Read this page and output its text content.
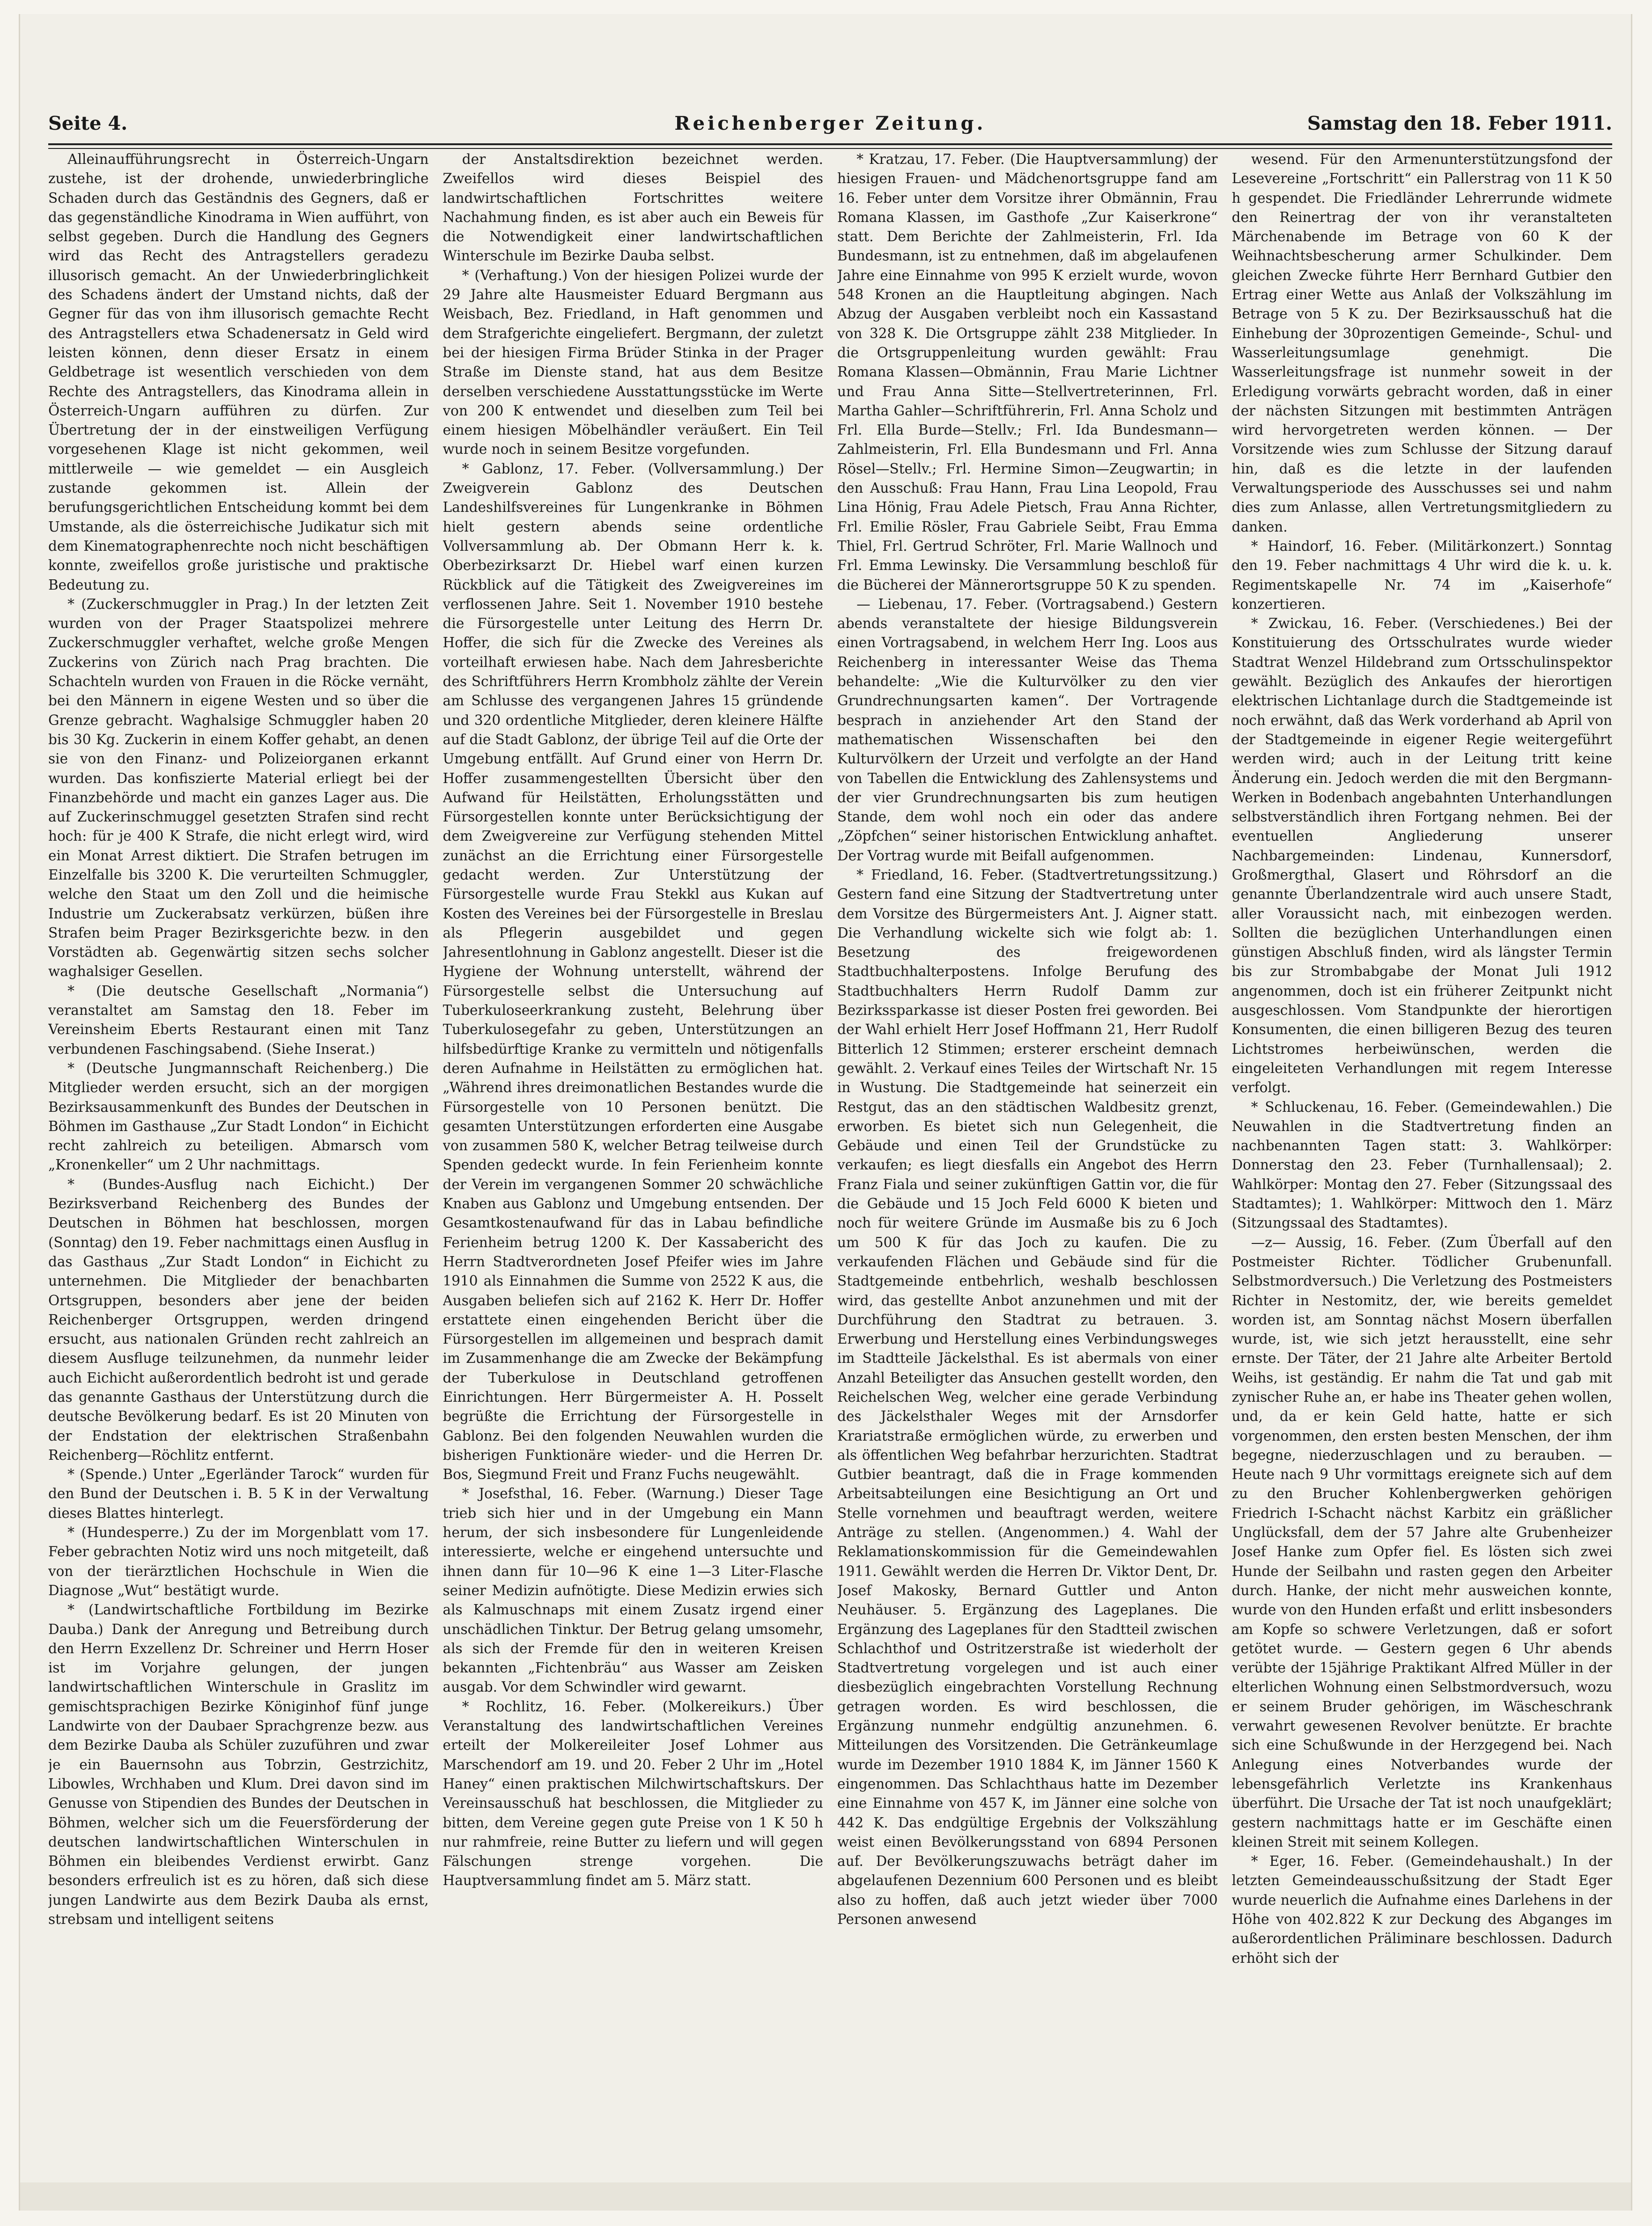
Seite 4.	Reichenberger Zeitung.	Samstag den 18. Feber 1911.

Alleinaufführungsrecht in Österreich-Ungarn zustehe, ist der drohende, unwiederbringliche Schaden durch das Geständnis des Gegners, daß er das gegenständliche Kinodrama in Wien aufführt, von selbst gegeben. Durch die Handlung des Gegners wird das Recht des Antragstellers geradezu illusorisch gemacht. An der Unwiederbringlichkeit des Schadens ändert der Umstand nichts, daß der Gegner für das von ihm illusorisch gemachte Recht des Antragstellers etwa Schadenersatz in Geld wird leisten können, denn dieser Ersatz in einem Geldbetrage ist wesentlich verschieden von dem Rechte des Antragstellers, das Kinodrama allein in Österreich-Ungarn aufführen zu dürfen. Zur Übertretung der in der einstweiligen Verfügung vorgesehenen Klage ist nicht gekommen, weil mittlerweile — wie gemeldet — ein Ausgleich zustande gekommen ist. Allein der berufungsgerichtlichen Entscheidung kommt bei dem Umstande, als die österreichische Judikatur sich mit dem Kinematographenrechte noch nicht beschäftigen konnte, zweifellos große juristische und praktische Bedeutung zu.

* (Zuckerschmuggler in Prag.) In der letzten Zeit wurden von der Prager Staatspolizei mehrere Zuckerschmuggler verhaftet, welche große Mengen Zuckerins von Zürich nach Prag brachten. Die Schachteln wurden von Frauen in die Röcke vernäht, bei den Männern in eigene Westen und so über die Grenze gebracht. Waghalsige Schmuggler haben 20 bis 30 Kg. Zuckerin in einem Koffer gehabt, an denen sie von den Finanz- und Polizeiorganen erkannt wurden. Das konfiszierte Material erliegt bei der Finanzbehörde und macht ein ganzes Lager aus. Die auf Zuckerinschmuggel gesetzten Strafen sind recht hoch: für je 400 K Strafe, die nicht erlegt wird, wird ein Monat Arrest diktiert. Die Strafen betrugen im Einzelfalle bis 3200 K. Die verurteilten Schmuggler, welche den Staat um den Zoll und die heimische Industrie um Zuckerabsatz verkürzen, büßen ihre Strafen beim Prager Bezirksgerichte bezw. in den Vorstädten ab. Gegenwärtig sitzen sechs solcher waghalsiger Gesellen.

* (Die deutsche Gesellschaft „Normania“) veranstaltet am Samstag den 18. Feber im Vereinsheim Eberts Restaurant einen mit Tanz verbundenen Faschingsabend. (Siehe Inserat.)

* (Deutsche Jungmannschaft Reichenberg.) Die Mitglieder werden ersucht, sich an der morgigen Bezirksausammenkunft des Bundes der Deutschen in Böhmen im Gasthause „Zur Stadt London“ in Eichicht recht zahlreich zu beteiligen. Abmarsch vom „Kronenkeller“ um 2 Uhr nachmittags.

* (Bundes-Ausflug nach Eichicht.) Der Bezirksverband Reichenberg des Bundes der Deutschen in Böhmen hat beschlossen, morgen (Sonntag) den 19. Feber nachmittags einen Ausflug in das Gasthaus „Zur Stadt London“ in Eichicht zu unternehmen. Die Mitglieder der benachbarten Ortsgruppen, besonders aber jene der beiden Reichenberger Ortsgruppen, werden dringend ersucht, aus nationalen Gründen recht zahlreich an diesem Ausfluge teilzunehmen, da nunmehr leider auch Eichicht außerordentlich bedroht ist und gerade das genannte Gasthaus der Unterstützung durch die deutsche Bevölkerung bedarf. Es ist 20 Minuten von der Endstation der elektrischen Straßenbahn Reichenberg—Röchlitz entfernt.

* (Spende.) Unter „Egerländer Tarock“ wurden für den Bund der Deutschen i. B. 5 K in der Verwaltung dieses Blattes hinterlegt.

* (Hundesperre.) Zu der im Morgenblatt vom 17. Feber gebrachten Notiz wird uns noch mitgeteilt, daß von der tierärztlichen Hochschule in Wien die Diagnose „Wut“ bestätigt wurde.

* (Landwirtschaftliche Fortbildung im Bezirke Dauba.) Dank der Anregung und Betreibung durch den Herrn Exzellenz Dr. Schreiner und Herrn Hoser ist im Vorjahre gelungen, der jungen landwirtschaftlichen Winterschule in Graslitz im gemischtsprachigen Bezirke Königinhof fünf junge Landwirte von der Daubaer Sprachgrenze bezw. aus dem Bezirke Dauba als Schüler zuzuführen und zwar je ein Bauernsohn aus Tobrzin, Gestrzichitz, Libowles, Wrchhaben und Klum. Drei davon sind im Genusse von Stipendien des Bundes der Deutschen in Böhmen, welcher sich um die Feuersförderung der deutschen landwirtschaftlichen Winterschulen in Böhmen ein bleibendes Verdienst erwirbt. Ganz besonders erfreulich ist es zu hören, daß sich diese jungen Landwirte aus dem Bezirk Dauba als ernst, strebsam und intelligent seitens

der Anstaltsdirektion bezeichnet werden. Zweifellos wird dieses Beispiel des landwirtschaftlichen Fortschrittes weitere Nachahmung finden, es ist aber auch ein Beweis für die Notwendigkeit einer landwirtschaftlichen Winterschule im Bezirke Dauba selbst.

* (Verhaftung.) Von der hiesigen Polizei wurde der 29 Jahre alte Hausmeister Eduard Bergmann aus Weisbach, Bez. Friedland, in Haft genommen und dem Strafgerichte eingeliefert. Bergmann, der zuletzt bei der hiesigen Firma Brüder Stinka in der Prager Straße im Dienste stand, hat aus dem Besitze derselben verschiedene Ausstattungsstücke im Werte von 200 K entwendet und dieselben zum Teil bei einem hiesigen Möbelhändler veräußert. Ein Teil wurde noch in seinem Besitze vorgefunden.

* Gablonz, 17. Feber. (Vollversammlung.) Der Zweigverein Gablonz des Deutschen Landeshilfsvereines für Lungenkranke in Böhmen hielt gestern abends seine ordentliche Vollversammlung ab. Der Obmann Herr k. k. Oberbezirksarzt Dr. Hiebel warf einen kurzen Rückblick auf die Tätigkeit des Zweigvereines im verflossenen Jahre. Seit 1. November 1910 bestehe die Fürsorgestelle unter Leitung des Herrn Dr. Hoffer, die sich für die Zwecke des Vereines als vorteilhaft erwiesen habe. Nach dem Jahresberichte des Schriftführers Herrn Krombholz zählte der Verein am Schlusse des vergangenen Jahres 15 gründende und 320 ordentliche Mitglieder, deren kleinere Hälfte auf die Stadt Gablonz, der übrige Teil auf die Orte der Umgebung entfällt. Auf Grund einer von Herrn Dr. Hoffer zusammengestellten Übersicht über den Aufwand für Heilstätten, Erholungsstätten und Fürsorgestellen konnte unter Berücksichtigung der dem Zweigvereine zur Verfügung stehenden Mittel zunächst an die Errichtung einer Fürsorgestelle gedacht werden. Zur Unterstützung der Fürsorgestelle wurde Frau Stekkl aus Kukan auf Kosten des Vereines bei der Fürsorgestelle in Breslau als Pflegerin ausgebildet und gegen Jahresentlohnung in Gablonz angestellt. Dieser ist die Hygiene der Wohnung unterstellt, während der Fürsorgestelle selbst die Untersuchung auf Tuberkuloseerkrankung zusteht, Belehrung über Tuberkulosegefahr zu geben, Unterstützungen an hilfsbedürftige Kranke zu vermitteln und nötigenfalls deren Aufnahme in Heilstätten zu ermöglichen hat. „Während ihres dreimonatlichen Bestandes wurde die Fürsorgestelle von 10 Personen benützt. Die gesamten Unterstützungen erforderten eine Ausgabe von zusammen 580 K, welcher Betrag teilweise durch Spenden gedeckt wurde. In fein Ferienheim konnte der Verein im vergangenen Sommer 20 schwächliche Knaben aus Gablonz und Umgebung entsenden. Der Gesamtkostenaufwand für das in Labau befindliche Ferienheim betrug 1200 K. Der Kassabericht des Herrn Stadtverordneten Josef Pfeifer wies im Jahre 1910 als Einnahmen die Summe von 2522 K aus, die Ausgaben beliefen sich auf 2162 K. Herr Dr. Hoffer erstattete einen eingehenden Bericht über die Fürsorgestellen im allgemeinen und besprach damit im Zusammenhange die am Zwecke der Bekämpfung der Tuberkulose in Deutschland getroffenen Einrichtungen. Herr Bürgermeister A. H. Posselt begrüßte die Errichtung der Fürsorgestelle in Gablonz. Bei den folgenden Neuwahlen wurden die bisherigen Funktionäre wieder- und die Herren Dr. Bos, Siegmund Freit und Franz Fuchs neugewählt.

* Josefsthal, 16. Feber. (Warnung.) Dieser Tage trieb sich hier und in der Umgebung ein Mann herum, der sich insbesondere für Lungenleidende interessierte, welche er eingehend untersuchte und ihnen dann für 10—96 K eine 1—3 Liter-Flasche seiner Medizin aufnötigte. Diese Medizin erwies sich als Kalmuschnaps mit einem Zusatz irgend einer unschädlichen Tinktur. Der Betrug gelang umsomehr, als sich der Fremde für den in weiteren Kreisen bekannten „Fichtenbräu“ aus Wasser am Zeisken ausgab. Vor dem Schwindler wird gewarnt.

* Rochlitz, 16. Feber. (Molkereikurs.) Über Veranstaltung des landwirtschaftlichen Vereines erteilt der Molkereileiter Josef Lohmer aus Marschendorf am 19. und 20. Feber 2 Uhr im „Hotel Haney“ einen praktischen Milchwirtschaftskurs. Der Vereinsausschuß hat beschlossen, die Mitglieder zu bitten, dem Vereine gegen gute Preise von 1 K 50 h nur rahmfreie, reine Butter zu liefern und will gegen Fälschungen strenge vorgehen. Die Hauptversammlung findet am 5. März statt.

* Kratzau, 17. Feber. (Die Hauptversammlung) der hiesigen Frauen- und Mädchenortsgruppe fand am 16. Feber unter dem Vorsitze ihrer Obmännin, Frau Romana Klassen, im Gasthofe „Zur Kaiserkrone“ statt. Dem Berichte der Zahlmeisterin, Frl. Ida Bundesmann, ist zu entnehmen, daß im abgelaufenen Jahre eine Einnahme von 995 K erzielt wurde, wovon 548 Kronen an die Hauptleitung abgingen. Nach Abzug der Ausgaben verbleibt noch ein Kassastand von 328 K. Die Ortsgruppe zählt 238 Mitglieder. In die Ortsgruppenleitung wurden gewählt: Frau Romana Klassen—Obmännin, Frau Marie Lichtner und Frau Anna Sitte—Stellvertreterinnen, Frl. Martha Gahler—Schriftführerin, Frl. Anna Scholz und Frl. Ella Burde—Stellv.; Frl. Ida Bundesmann—Zahlmeisterin, Frl. Ella Bundesmann und Frl. Anna Rösel—Stellv.; Frl. Hermine Simon—Zeugwartin; in den Ausschuß: Frau Hann, Frau Lina Leopold, Frau Lina Hönig, Frau Adele Pietsch, Frau Anna Richter, Frl. Emilie Rösler, Frau Gabriele Seibt, Frau Emma Thiel, Frl. Gertrud Schröter, Frl. Marie Wallnoch und Frl. Emma Lewinsky. Die Versammlung beschloß für die Bücherei der Männerortsgruppe 50 K zu spenden.

— Liebenau, 17. Feber. (Vortragsabend.) Gestern abends veranstaltete der hiesige Bildungsverein einen Vortragsabend, in welchem Herr Ing. Loos aus Reichenberg in interessanter Weise das Thema behandelte: „Wie die Kulturvölker zu den vier Grundrechnungsarten kamen“. Der Vortragende besprach in anziehender Art den Stand der mathematischen Wissenschaften bei den Kulturvölkern der Urzeit und verfolgte an der Hand von Tabellen die Entwicklung des Zahlensystems und der vier Grundrechnungsarten bis zum heutigen Stande, dem wohl noch ein oder das andere „Zöpfchen“ seiner historischen Entwicklung anhaftet. Der Vortrag wurde mit Beifall aufgenommen.

* Friedland, 16. Feber. (Stadtvertretungssitzung.) Gestern fand eine Sitzung der Stadtvertretung unter dem Vorsitze des Bürgermeisters Ant. J. Aigner statt. Die Verhandlung wickelte sich wie folgt ab: 1. Besetzung des freigewordenen Stadtbuchhalterpostens. Infolge Berufung des Stadtbuchhalters Herrn Rudolf Damm zur Bezirkssparkasse ist dieser Posten frei geworden. Bei der Wahl erhielt Herr Josef Hoffmann 21, Herr Rudolf Bitterlich 12 Stimmen; ersterer erscheint demnach gewählt. 2. Verkauf eines Teiles der Wirtschaft Nr. 15 in Wustung. Die Stadtgemeinde hat seinerzeit ein Restgut, das an den städtischen Waldbesitz grenzt, erworben. Es bietet sich nun Gelegenheit, die Gebäude und einen Teil der Grundstücke zu verkaufen; es liegt diesfalls ein Angebot des Herrn Franz Fiala und seiner zukünftigen Gattin vor, die für die Gebäude und 15 Joch Feld 6000 K bieten und noch für weitere Gründe im Ausmaße bis zu 6 Joch um 500 K für das Joch zu kaufen. Die zu verkaufenden Flächen und Gebäude sind für die Stadtgemeinde entbehrlich, weshalb beschlossen wird, das gestellte Anbot anzunehmen und mit der Durchführung den Stadtrat zu betrauen. 3. Erwerbung und Herstellung eines Verbindungsweges im Stadtteile Jäckelsthal. Es ist abermals von einer Anzahl Beteiligter das Ansuchen gestellt worden, den Reichelschen Weg, welcher eine gerade Verbindung des Jäckelsthaler Weges mit der Arnsdorfer Krariatstraße ermöglichen würde, zu erwerben und als öffentlichen Weg befahrbar herzurichten. Stadtrat Gutbier beantragt, daß die in Frage kommenden Arbeitsabteilungen eine Besichtigung an Ort und Stelle vornehmen und beauftragt werden, weitere Anträge zu stellen. (Angenommen.) 4. Wahl der Reklamationskommission für die Gemeindewahlen 1911. Gewählt werden die Herren Dr. Viktor Dent, Dr. Josef Makosky, Bernard Guttler und Anton Neuhäuser. 5. Ergänzung des Lageplanes. Die Ergänzung des Lageplanes für den Stadtteil zwischen Schlachthof und Ostritzerstraße ist wiederholt der Stadtvertretung vorgelegen und ist auch einer diesbezüglich eingebrachten Vorstellung Rechnung getragen worden. Es wird beschlossen, die Ergänzung nunmehr endgültig anzunehmen. 6. Mitteilungen des Vorsitzenden. Die Getränkeumlage wurde im Dezember 1910 1884 K, im Jänner 1560 K eingenommen. Das Schlachthaus hatte im Dezember eine Einnahme von 457 K, im Jänner eine solche von 442 K. Das endgültige Ergebnis der Volkszählung weist einen Bevölkerungsstand von 6894 Personen auf. Der Bevölkerungszuwachs beträgt daher im abgelaufenen Dezennium 600 Personen und es bleibt also zu hoffen, daß auch jetzt wieder über 7000 Personen anwesend

wesend. Für den Armenunterstützungsfond der Lesevereine „Fortschritt“ ein Pallerstrag von 11 K 50 h gespendet. Die Friedländer Lehrerrunde widmete den Reinertrag der von ihr veranstalteten Märchenabende im Betrage von 60 K der Weihnachtsbescherung armer Schulkinder. Dem gleichen Zwecke führte Herr Bernhard Gutbier den Ertrag einer Wette aus Anlaß der Volkszählung im Betrage von 5 K zu. Der Bezirksausschuß hat die Einhebung der 30prozentigen Gemeinde-, Schul- und Wasserleitungsumlage genehmigt. Die Wasserleitungsfrage ist nunmehr soweit in der Erledigung vorwärts gebracht worden, daß in einer der nächsten Sitzungen mit bestimmten Anträgen wird hervorgetreten werden können. — Der Vorsitzende wies zum Schlusse der Sitzung darauf hin, daß es die letzte in der laufenden Verwaltungsperiode des Ausschusses sei und nahm dies zum Anlasse, allen Vertretungsmitgliedern zu danken.

* Haindorf, 16. Feber. (Militärkonzert.) Sonntag den 19. Feber nachmittags 4 Uhr wird die k. u. k. Regimentskapelle Nr. 74 im „Kaiserhofe“ konzertieren.

* Zwickau, 16. Feber. (Verschiedenes.) Bei der Konstituierung des Ortsschulrates wurde wieder Stadtrat Wenzel Hildebrand zum Ortsschulinspektor gewählt. Bezüglich des Ankaufes der hierortigen elektrischen Lichtanlage durch die Stadtgemeinde ist noch erwähnt, daß das Werk vorderhand ab April von der Stadtgemeinde in eigener Regie weitergeführt werden wird; auch in der Leitung tritt keine Änderung ein. Jedoch werden die mit den Bergmann-Werken in Bodenbach angebahnten Unterhandlungen selbstverständlich ihren Fortgang nehmen. Bei der eventuellen Angliederung unserer Nachbargemeinden: Lindenau, Kunnersdorf, Großmergthal, Glasert und Röhrsdorf an die genannte Überlandzentrale wird auch unsere Stadt, aller Voraussicht nach, mit einbezogen werden. Sollten die bezüglichen Unterhandlungen einen günstigen Abschluß finden, wird als längster Termin bis zur Strombabgabe der Monat Juli 1912 angenommen, doch ist ein früherer Zeitpunkt nicht ausgeschlossen. Vom Standpunkte der hierortigen Konsumenten, die einen billigeren Bezug des teuren Lichtstromes herbeiwünschen, werden die eingeleiteten Verhandlungen mit regem Interesse verfolgt.

* Schluckenau, 16. Feber. (Gemeindewahlen.) Die Neuwahlen in die Stadtvertretung finden an nachbenannten Tagen statt: 3. Wahlkörper: Donnerstag den 23. Feber (Turnhallensaal); 2. Wahlkörper: Montag den 27. Feber (Sitzungssaal des Stadtamtes); 1. Wahlkörper: Mittwoch den 1. März (Sitzungssaal des Stadtamtes).

—z— Aussig, 16. Feber. (Zum Überfall auf den Postmeister Richter. Tödlicher Grubenunfall. Selbstmordversuch.) Die Verletzung des Postmeisters Richter in Nestomitz, der, wie bereits gemeldet worden ist, am Sonntag nächst Mosern überfallen wurde, ist, wie sich jetzt herausstellt, eine sehr ernste. Der Täter, der 21 Jahre alte Arbeiter Bertold Weihs, ist geständig. Er nahm die Tat und gab mit zynischer Ruhe an, er habe ins Theater gehen wollen, und, da er kein Geld hatte, hatte er sich vorgenommen, den ersten besten Menschen, der ihm begegne, niederzuschlagen und zu berauben. — Heute nach 9 Uhr vormittags ereignete sich auf dem zu den Brucher Kohlenbergwerken gehörigen Friedrich I-Schacht nächst Karbitz ein gräßlicher Unglücksfall, dem der 57 Jahre alte Grubenheizer Josef Hanke zum Opfer fiel. Es lösten sich zwei Hunde der Seilbahn und rasten gegen den Arbeiter durch. Hanke, der nicht mehr ausweichen konnte, wurde von den Hunden erfaßt und erlitt insbesonders am Kopfe so schwere Verletzungen, daß er sofort getötet wurde. — Gestern gegen 6 Uhr abends verübte der 15jährige Praktikant Alfred Müller in der elterlichen Wohnung einen Selbstmordversuch, wozu er seinem Bruder gehörigen, im Wäscheschrank verwahrt gewesenen Revolver benützte. Er brachte sich eine Schußwunde in der Herzgegend bei. Nach Anlegung eines Notverbandes wurde der lebensgefährlich Verletzte ins Krankenhaus überführt. Die Ursache der Tat ist noch unaufgeklärt; gestern nachmittags hatte er im Geschäfte einen kleinen Streit mit seinem Kollegen.

* Eger, 16. Feber. (Gemeindehaushalt.) In der letzten Gemeindeausschußsitzung der Stadt Eger wurde neuerlich die Aufnahme eines Darlehens in der Höhe von 402.822 K zur Deckung des Abganges im außerordentlichen Präliminare beschlossen. Dadurch erhöht sich der
